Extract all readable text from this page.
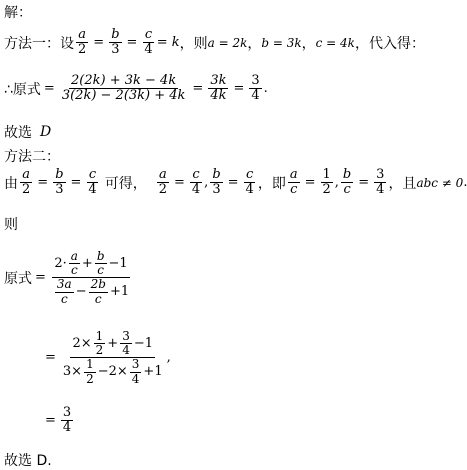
解：
方法一：设 $\frac{a}{2} = \frac{b}{3} = \frac{c}{4} = k$ ，则 a = 2k ， b = 3k ， c = 4k ，代入得：
∴原式 = $\frac{2(2k) + 3k - 4k}{3(2k) - 2(3k) + 4k} = \frac{3k}{4k} = \frac{3}{4}$ .
故选 D
方法二：
由 $\frac{a}{2} = \frac{b}{3} = \frac{c}{4}$ 可得， $\frac{a}{2} = \frac{c}{4}$ , $\frac{b}{3} = \frac{c}{4}$ ，即 $\frac{a}{c} = \frac{1}{2}$ , $\frac{b}{c} = \frac{3}{4}$ ，且 abc ≠ 0
则
原式 = $\frac{2\cdot \frac{a}{c} + \frac{b}{c} -1}{\frac{3a}{c} - \frac{2b}{c} +1}$
= $\frac{2\times \frac{1}{2} + \frac{3}{4} -1}{3\times \frac{1}{2} -2\times \frac{3}{4} +1}$ ,
= $\frac{3}{4}$
故选 D.
